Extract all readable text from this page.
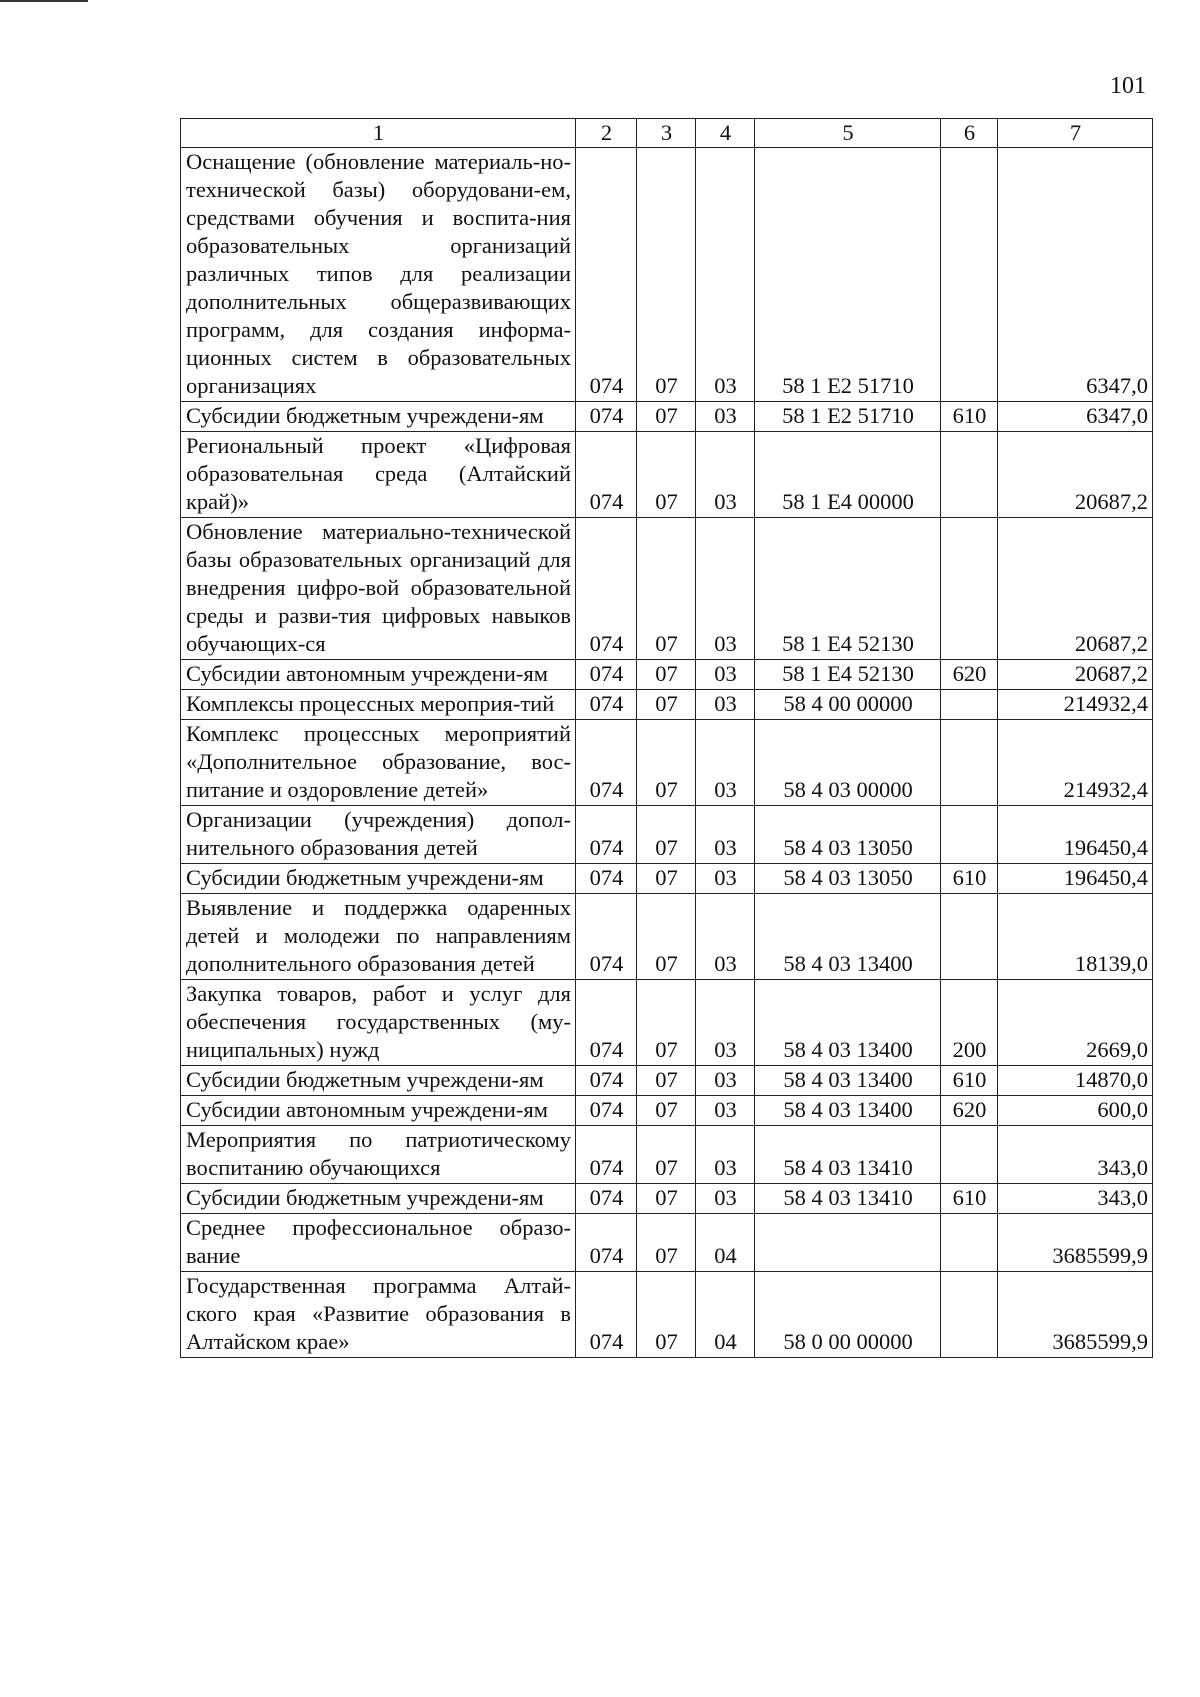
101
1	2	3	4	5	6	7
Оснащение (обновление материаль-но-технической базы) оборудовани-ем, средствами обучения и воспита-ния образовательных организаций различных типов для реализации дополнительных общеразвивающих программ, для создания информа-ционных систем в образовательных организациях	074	07	03	58 1 E2 51710		6347,0
Субсидии бюджетным учреждени-ям	074	07	03	58 1 E2 51710	610	6347,0
Региональный проект «Цифровая образовательная среда (Алтайский край)»	074	07	03	58 1 E4 00000		20687,2
Обновление материально-технической базы образовательных организаций для внедрения цифро-вой образовательной среды и разви-тия цифровых навыков обучающих-ся	074	07	03	58 1 E4 52130		20687,2
Субсидии автономным учреждени-ям	074	07	03	58 1 E4 52130	620	20687,2
Комплексы процессных мероприя-тий	074	07	03	58 4 00 00000		214932,4
Комплекс процессных мероприятий «Дополнительное образование, вос-питание и оздоровление детей»	074	07	03	58 4 03 00000		214932,4
Организации (учреждения) допол-нительного образования детей	074	07	03	58 4 03 13050		196450,4
Субсидии бюджетным учреждени-ям	074	07	03	58 4 03 13050	610	196450,4
Выявление и поддержка одаренных детей и молодежи по направлениям дополнительного образования детей	074	07	03	58 4 03 13400		18139,0
Закупка товаров, работ и услуг для обеспечения государственных (му-ниципальных) нужд	074	07	03	58 4 03 13400	200	2669,0
Субсидии бюджетным учреждени-ям	074	07	03	58 4 03 13400	610	14870,0
Субсидии автономным учреждени-ям	074	07	03	58 4 03 13400	620	600,0
Мероприятия по патриотическому воспитанию обучающихся	074	07	03	58 4 03 13410		343,0
Субсидии бюджетным учреждени-ям	074	07	03	58 4 03 13410	610	343,0
Среднее профессиональное образо-вание	074	07	04			3685599,9
Государственная программа Алтай-ского края «Развитие образования в Алтайском крае»	074	07	04	58 0 00 00000		3685599,9
